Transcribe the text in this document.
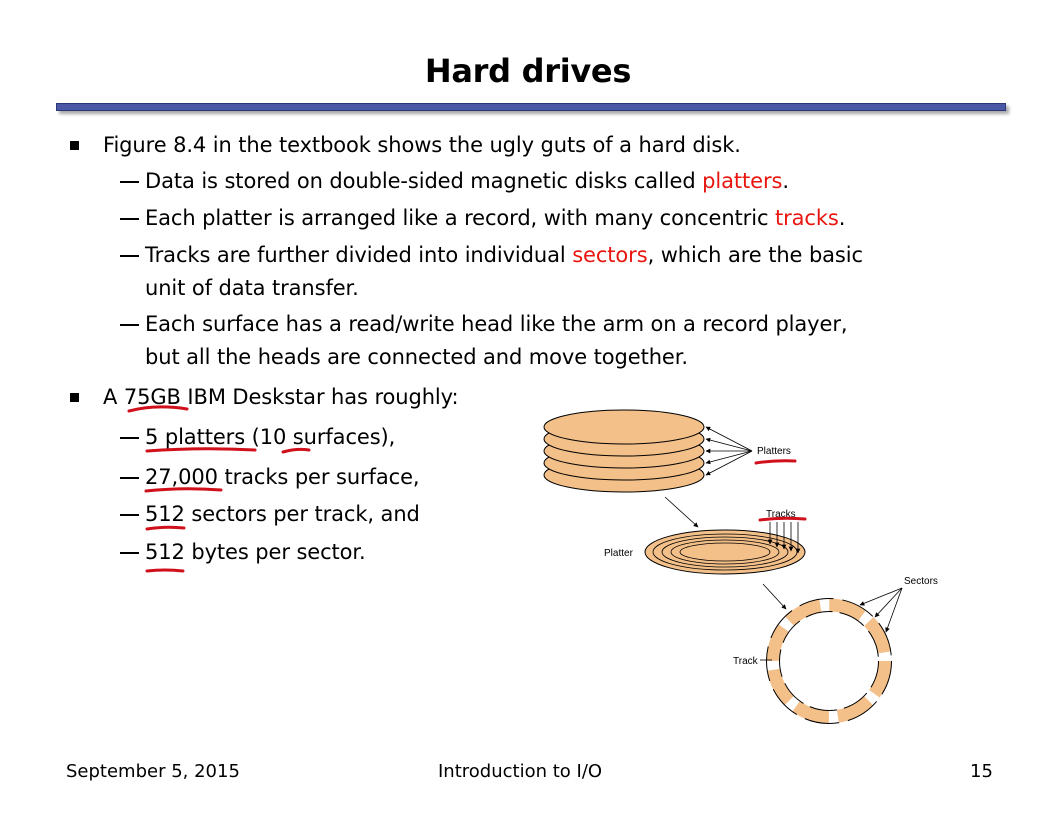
Hard drives
Figure 8.4 in the textbook shows the ugly guts of a hard disk.
Data is stored on double-sided magnetic disks called platters.
Each platter is arranged like a record, with many concentric tracks.
Tracks are further divided into individual sectors, which are the basic
unit of data transfer.
Each surface has a read/write head like the arm on a record player,
but all the heads are connected and move together.
A 75GB IBM Deskstar has roughly:
5 platters (10 surfaces),
27,000 tracks per surface,
512 sectors per track, and
512 bytes per sector.
Platters
Platter
Tracks
Sectors
Track
September 5, 2015	Introduction to I/O	15
